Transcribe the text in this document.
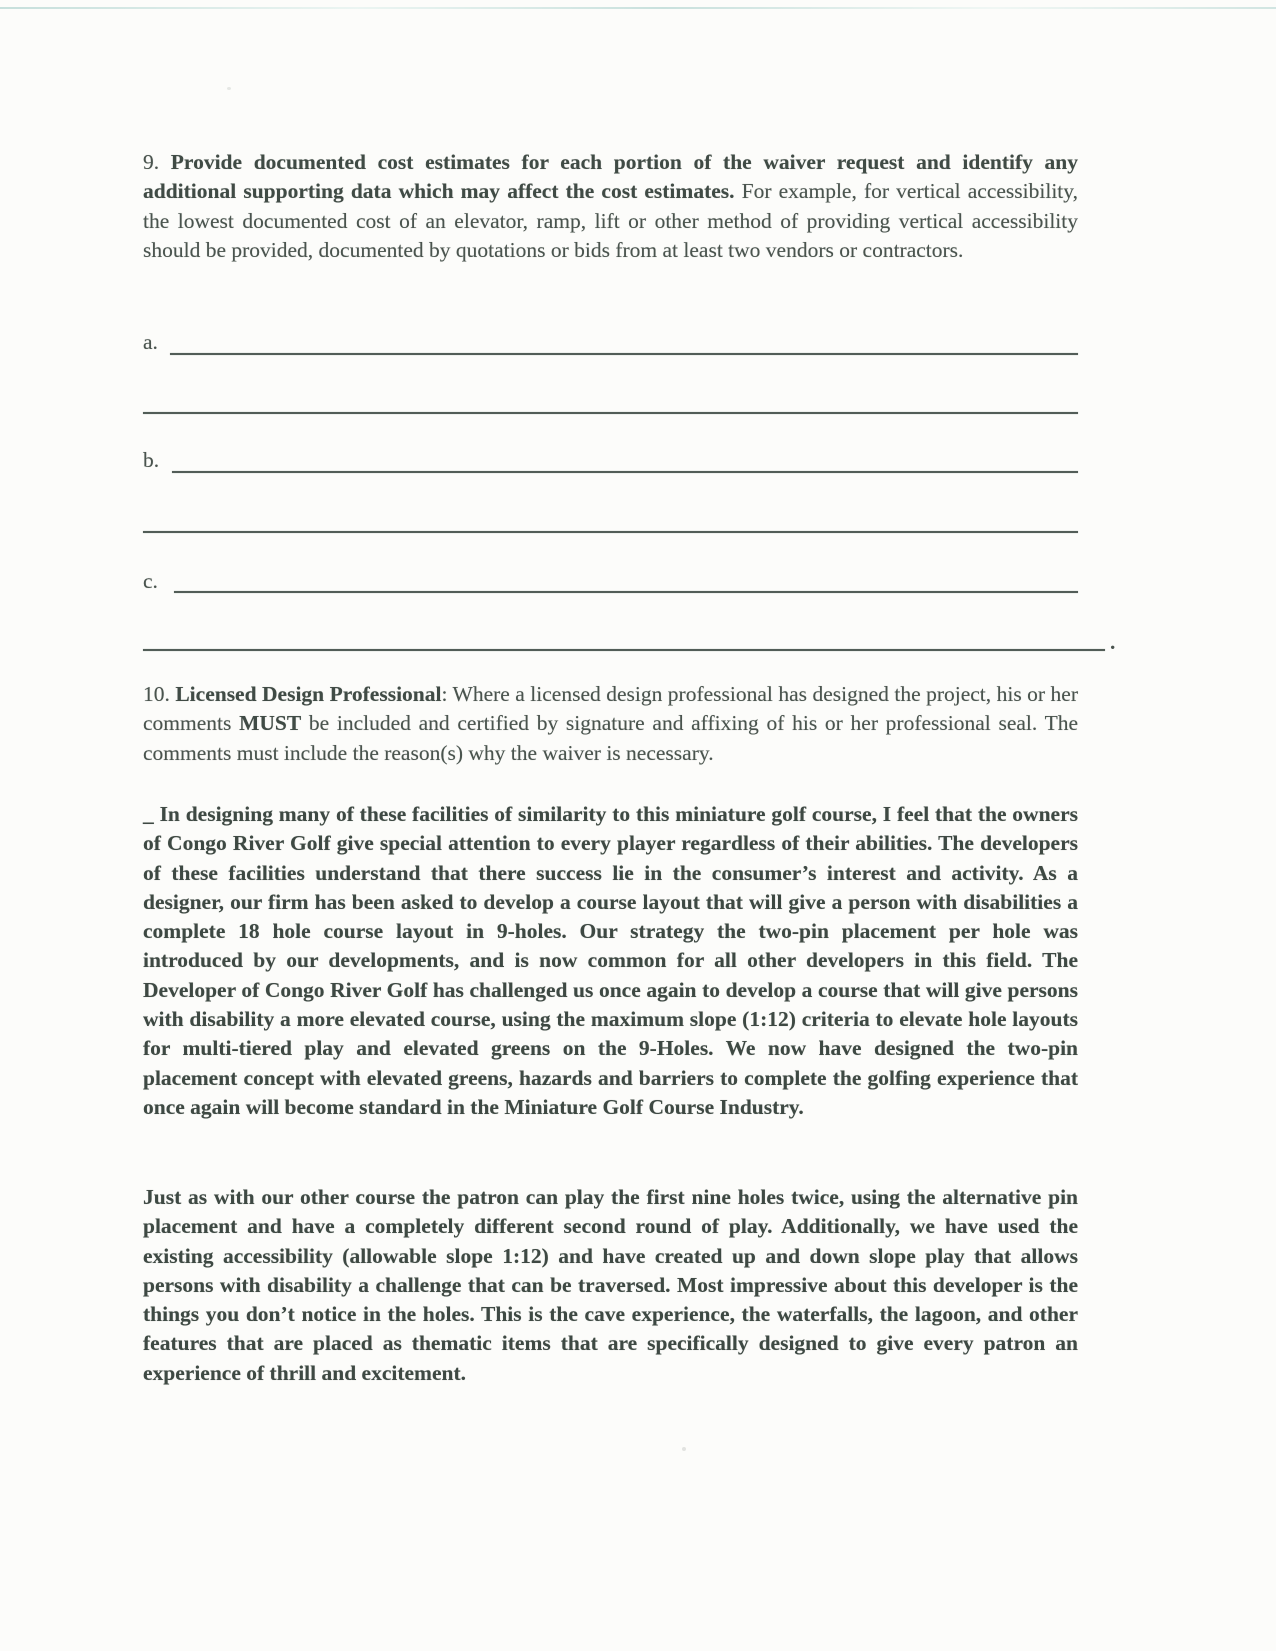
9. Provide documented cost estimates for each portion of the waiver request and identify any additional supporting data which may affect the cost estimates. For example, for vertical accessibility, the lowest documented cost of an elevator, ramp, lift or other method of providing vertical accessibility should be provided, documented by quotations or bids from at least two vendors or contractors.

a.
b.
c.
.

10. Licensed Design Professional: Where a licensed design professional has designed the project, his or her comments MUST be included and certified by signature and affixing of his or her professional seal. The comments must include the reason(s) why the waiver is necessary.

_ In designing many of these facilities of similarity to this miniature golf course, I feel that the owners of Congo River Golf give special attention to every player regardless of their abilities. The developers of these facilities understand that there success lie in the consumer’s interest and activity. As a designer, our firm has been asked to develop a course layout that will give a person with disabilities a complete 18 hole course layout in 9-holes. Our strategy the two-pin placement per hole was introduced by our developments, and is now common for all other developers in this field. The Developer of Congo River Golf has challenged us once again to develop a course that will give persons with disability a more elevated course, using the maximum slope (1:12) criteria to elevate hole layouts for multi-tiered play and elevated greens on the 9-Holes. We now have designed the two-pin placement concept with elevated greens, hazards and barriers to complete the golfing experience that once again will become standard in the Miniature Golf Course Industry.

Just as with our other course the patron can play the first nine holes twice, using the alternative pin placement and have a completely different second round of play. Additionally, we have used the existing accessibility (allowable slope 1:12) and have created up and down slope play that allows persons with disability a challenge that can be traversed. Most impressive about this developer is the things you don’t notice in the holes. This is the cave experience, the waterfalls, the lagoon, and other features that are placed as thematic items that are specifically designed to give every patron an experience of thrill and excitement.
